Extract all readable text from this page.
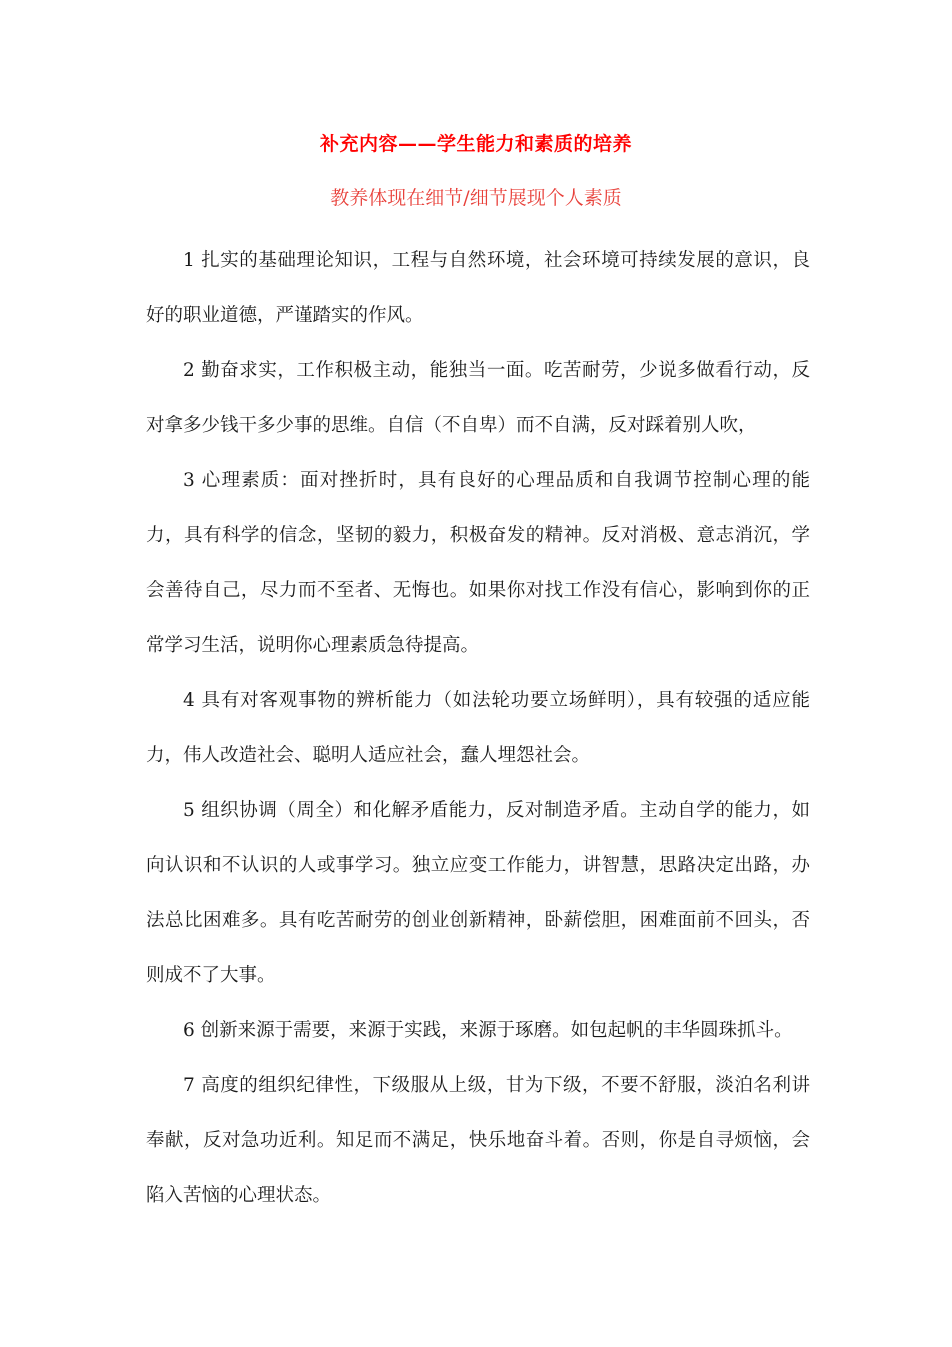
补充内容——学生能力和素质的培养
教养体现在细节/细节展现个人素质

1 扎实的基础理论知识，工程与自然环境，社会环境可持续发展的意识，良好的职业道德，严谨踏实的作风。

2 勤奋求实，工作积极主动，能独当一面。吃苦耐劳，少说多做看行动，反对拿多少钱干多少事的思维。自信（不自卑）而不自满，反对踩着别人吹，

3 心理素质：面对挫折时，具有良好的心理品质和自我调节控制心理的能力，具有科学的信念，坚韧的毅力，积极奋发的精神。反对消极、意志消沉，学会善待自己，尽力而不至者、无悔也。如果你对找工作没有信心，影响到你的正常学习生活，说明你心理素质急待提高。

4 具有对客观事物的辨析能力（如法轮功要立场鲜明），具有较强的适应能力，伟人改造社会、聪明人适应社会，蠢人埋怨社会。

5 组织协调（周全）和化解矛盾能力，反对制造矛盾。主动自学的能力，如向认识和不认识的人或事学习。独立应变工作能力，讲智慧，思路决定出路，办法总比困难多。具有吃苦耐劳的创业创新精神，卧薪偿胆，困难面前不回头，否则成不了大事。

6 创新来源于需要，来源于实践，来源于琢磨。如包起帆的丰华圆珠抓斗。

7 高度的组织纪律性，下级服从上级，甘为下级，不要不舒服，淡泊名利讲奉献，反对急功近利。知足而不满足，快乐地奋斗着。否则，你是自寻烦恼，会陷入苦恼的心理状态。
